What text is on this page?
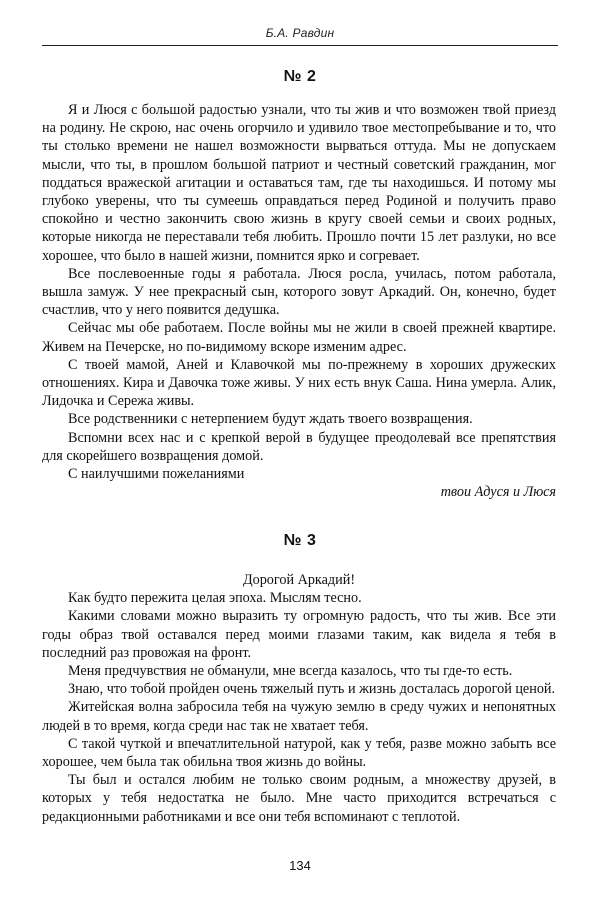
Б.А. Равдин
№ 2

Я и Люся с большой радостью узнали, что ты жив и что возможен твой приезд на родину. Не скрою, нас очень огорчило и удивило твое местопребывание и то, что ты столько времени не нашел возможности вырваться оттуда. Мы не допускаем мысли, что ты, в прошлом большой патриот и честный советский гражданин, мог поддаться вражеской агитации и оставаться там, где ты находишься. И потому мы глубоко уверены, что ты сумеешь оправдаться перед Родиной и получить право спокойно и честно закончить свою жизнь в кругу своей семьи и своих родных, которые никогда не переставали тебя любить. Прошло почти 15 лет разлуки, но все хорошее, что было в нашей жизни, помнится ярко и согревает.

Все послевоенные годы я работала. Люся росла, училась, потом работала, вышла замуж. У нее прекрасный сын, которого зовут Аркадий. Он, конечно, будет счастлив, что у него появится дедушка.

Сейчас мы обе работаем. После войны мы не жили в своей прежней квартире. Живем на Печерске, но по-видимому вскоре изменим адрес.

С твоей мамой, Аней и Клавочкой мы по-прежнему в хороших дружеских отношениях. Кира и Давочка тоже живы. У них есть внук Саша. Нина умерла. Алик, Лидочка и Сережа живы.

Все родственники с нетерпением будут ждать твоего возвращения.

Вспомни всех нас и с крепкой верой в будущее преодолевай все препятствия для скорейшего возвращения домой.

С наилучшими пожеланиями

твои Адуся и Люся

№ 3

Дорогой Аркадий!

Как будто пережита целая эпоха. Мыслям тесно.

Какими словами можно выразить ту огромную радость, что ты жив. Все эти годы образ твой оставался перед моими глазами таким, как видела я тебя в последний раз провожая на фронт.

Меня предчувствия не обманули, мне всегда казалось, что ты где-то есть.

Знаю, что тобой пройден очень тяжелый путь и жизнь досталась дорогой ценой.

Житейская волна забросила тебя на чужую землю в среду чужих и непонятных людей в то время, когда среди нас так не хватает тебя.

С такой чуткой и впечатлительной натурой, как у тебя, разве можно забыть все хорошее, чем была так обильна твоя жизнь до войны.

Ты был и остался любим не только своим родным, а множеству друзей, в которых у тебя недостатка не было. Мне часто приходится встречаться с редакционными работниками и все они тебя вспоминают с теплотой.

134
